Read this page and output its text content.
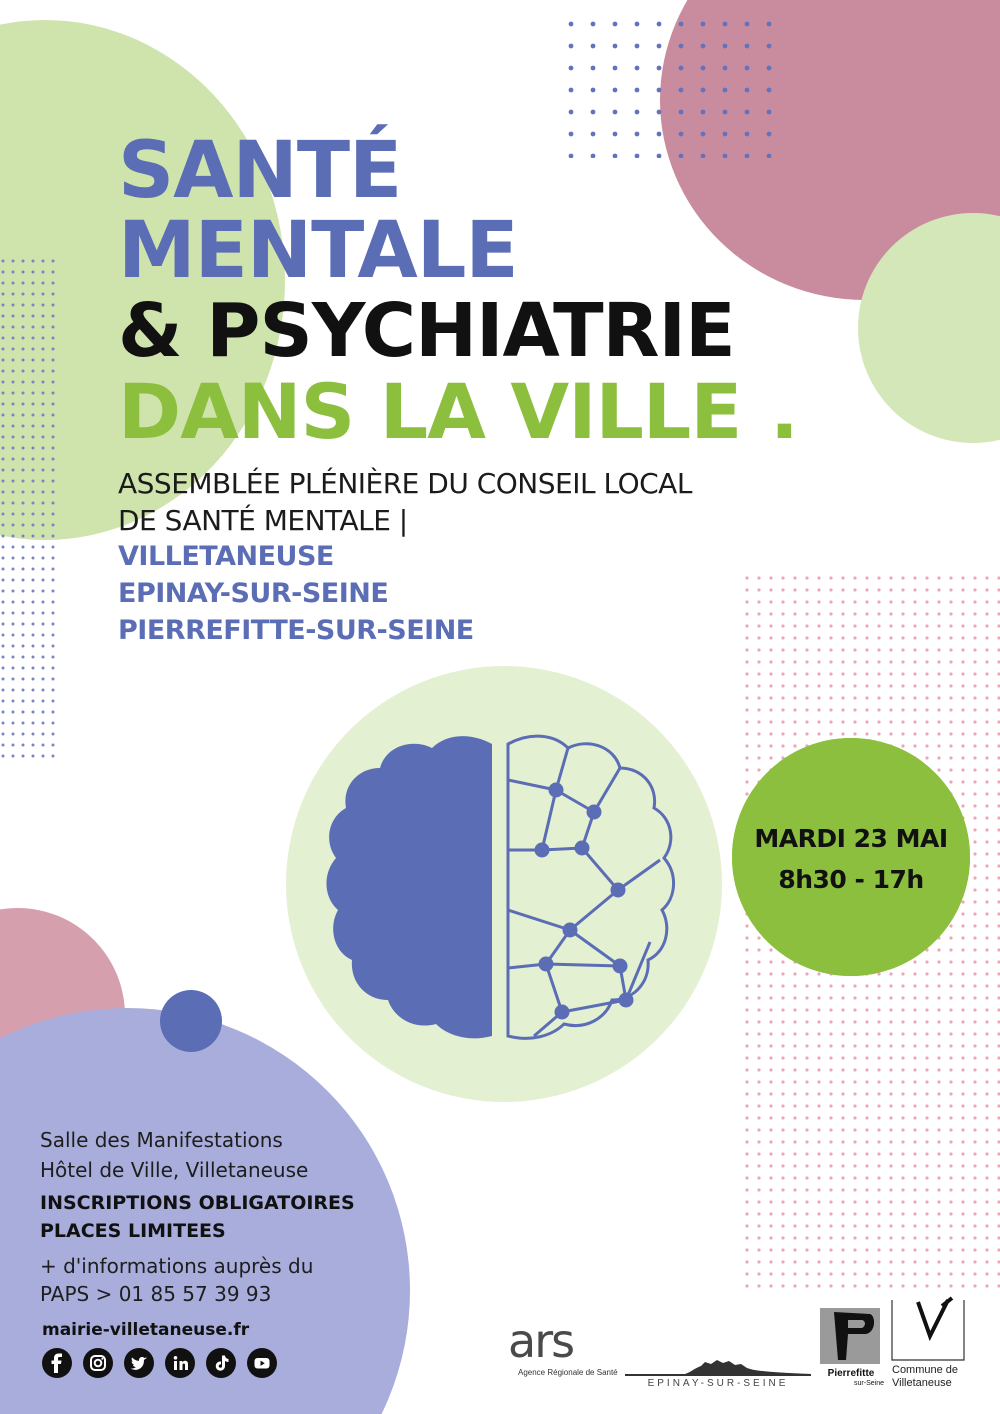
MARDI 23 MAI
8h30 - 17h
SANTÉ
MENTALE
& PSYCHIATRIE
DANS LA VILLE .
ASSEMBLÉE PLÉNIÈRE DU CONSEIL LOCAL
DE SANTÉ MENTALE |
VILLETANEUSE
EPINAY-SUR-SEINE
PIERREFITTE-SUR-SEINE
Salle des Manifestations
Hôtel de Ville, Villetaneuse
INSCRIPTIONS OBLIGATOIRES
PLACES LIMITEES
+ d'informations auprès du
PAPS > 01 85 57 39 93
mairie-villetaneuse.fr	ars
Agence Régionale de Santé
EPINAY-SUR-SEINE
Pierrefitte
sur-Seine
Commune de
Villetaneuse
